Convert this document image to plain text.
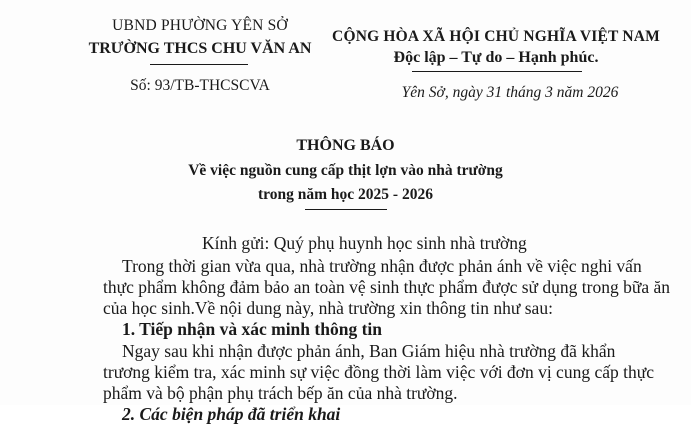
UBND PHƯỜNG YÊN SỞ
TRƯỜNG THCS CHU VĂN AN
Số: 93/TB-THCSCVA
CỘNG HÒA XÃ HỘI CHỦ NGHĨA VIỆT NAM
Độc lập – Tự do – Hạnh phúc.
Yên Sở, ngày 31 tháng 3 năm 2026
THÔNG BÁO
Về việc nguồn cung cấp thịt lợn vào nhà trường
trong năm học 2025 - 2026
Kính gửi: Quý phụ huynh học sinh nhà trường
Trong thời gian vừa qua, nhà trường nhận được phản ánh về việc nghi vấn
thực phẩm không đảm bảo an toàn vệ sinh thực phẩm được sử dụng trong bữa ăn
của học sinh.Về nội dung này, nhà trường xin thông tin như sau:
1. Tiếp nhận và xác minh thông tin
Ngay sau khi nhận được phản ánh, Ban Giám hiệu nhà trường đã khẩn
trương kiểm tra, xác minh sự việc đồng thời làm việc với đơn vị cung cấp thực
phẩm và bộ phận phụ trách bếp ăn của nhà trường.
2. Các biện pháp đã triển khai
